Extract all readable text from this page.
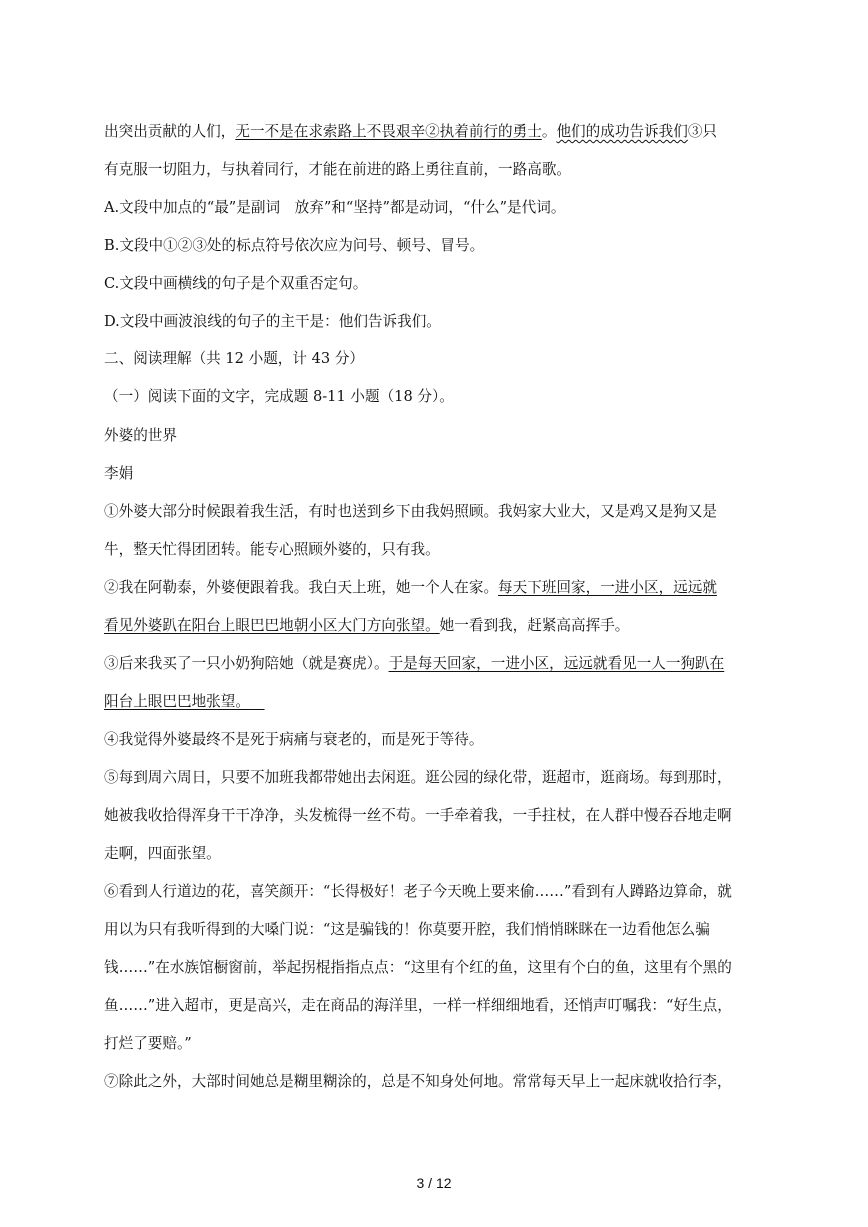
出突出贡献的人们，无一不是在求索路上不畏艰辛②执着前行的勇士。他们的成功告诉我们③只
有克服一切阻力，与执着同行，才能在前进的路上勇往直前，一路高歌。
A.文段中加点的“最”是副词　放弃”和“坚持”都是动词，“什么”是代词。
B.文段中①②③处的标点符号依次应为问号、顿号、冒号。
C.文段中画横线的句子是个双重否定句。
D.文段中画波浪线的句子的主干是：他们告诉我们。
二、阅读理解（共 12 小题，计 43 分）
（一）阅读下面的文字，完成题 8-11 小题（18 分）。
外婆的世界
李娟
①外婆大部分时候跟着我生活，有时也送到乡下由我妈照顾。我妈家大业大，又是鸡又是狗又是
牛，整天忙得团团转。能专心照顾外婆的，只有我。
②我在阿勒泰，外婆便跟着我。我白天上班，她一个人在家。每天下班回家，一进小区，远远就
看见外婆趴在阳台上眼巴巴地朝小区大门方向张望。她一看到我，赶紧高高挥手。
③后来我买了一只小奶狗陪她（就是赛虎）。于是每天回家，一进小区，远远就看见一人一狗趴在
阳台上眼巴巴地张望。 
④我觉得外婆最终不是死于病痛与衰老的，而是死于等待。
⑤每到周六周日，只要不加班我都带她出去闲逛。逛公园的绿化带，逛超市，逛商场。每到那时，
她被我收拾得浑身干干净净，头发梳得一丝不苟。一手牵着我，一手拄杖，在人群中慢吞吞地走啊
走啊，四面张望。
⑥看到人行道边的花，喜笑颜开：“长得极好！老子今天晚上要来偷……”看到有人蹲路边算命，就
用以为只有我听得到的大嗓门说：“这是骗钱的！你莫要开腔，我们悄悄眯眯在一边看他怎么骗
钱……”在水族馆橱窗前，举起拐棍指指点点：“这里有个红的鱼，这里有个白的鱼，这里有个黑的
鱼……”进入超市，更是高兴，走在商品的海洋里，一样一样细细地看，还悄声叮嘱我：“好生点，
打烂了要赔。”
⑦除此之外，大部时间她总是糊里糊涂的，总是不知身处何地。常常每天早上一起床就收拾行李，
3 / 12
